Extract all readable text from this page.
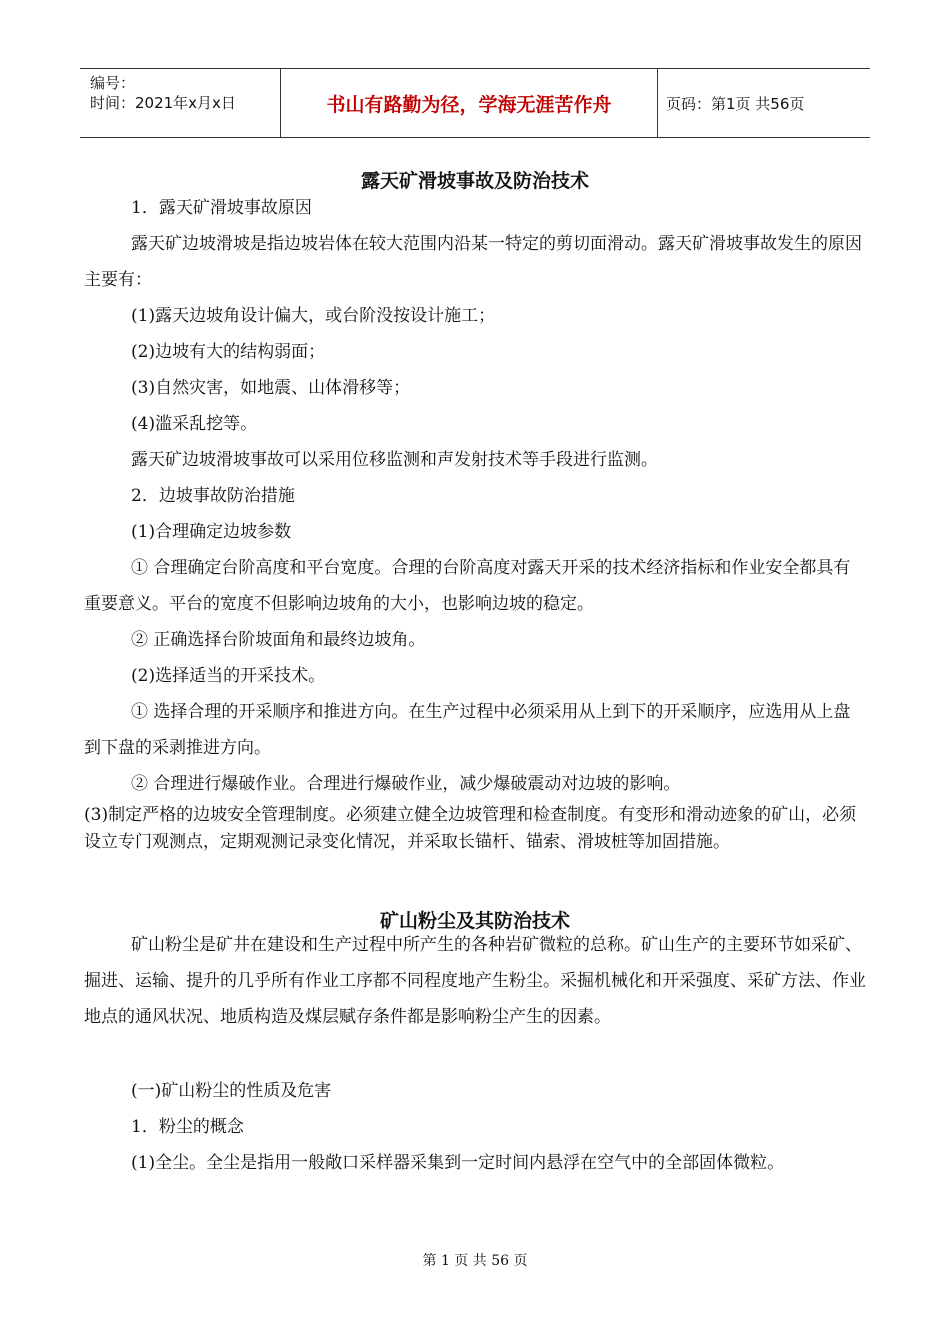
编号：
时间：2021年x月x日	书山有路勤为径，学海无涯苦作舟	页码：第1页 共56页
露天矿滑坡事故及防治技术
1．露天矿滑坡事故原因
露天矿边坡滑坡是指边坡岩体在较大范围内沿某一特定的剪切面滑动。露天矿滑坡事故发生的原因主要有：
(1)露天边坡角设计偏大，或台阶没按设计施工；
(2)边坡有大的结构弱面；
(3)自然灾害，如地震、山体滑移等；
(4)滥采乱挖等。
露天矿边坡滑坡事故可以采用位移监测和声发射技术等手段进行监测。
2．边坡事故防治措施
(1)合理确定边坡参数
① 合理确定台阶高度和平台宽度。合理的台阶高度对露天开采的技术经济指标和作业安全都具有重要意义。平台的宽度不但影响边坡角的大小，也影响边坡的稳定。
② 正确选择台阶坡面角和最终边坡角。
(2)选择适当的开采技术。
① 选择合理的开采顺序和推进方向。在生产过程中必须采用从上到下的开采顺序，应选用从上盘到下盘的采剥推进方向。
② 合理进行爆破作业。合理进行爆破作业，减少爆破震动对边坡的影响。
(3)制定严格的边坡安全管理制度。必须建立健全边坡管理和检查制度。有变形和滑动迹象的矿山，必须设立专门观测点，定期观测记录变化情况，并采取长锚杆、锚索、滑坡桩等加固措施。
矿山粉尘及其防治技术
矿山粉尘是矿井在建设和生产过程中所产生的各种岩矿微粒的总称。矿山生产的主要环节如采矿、掘进、运输、提升的几乎所有作业工序都不同程度地产生粉尘。采掘机械化和开采强度、采矿方法、作业地点的通风状况、地质构造及煤层赋存条件都是影响粉尘产生的因素。
(一)矿山粉尘的性质及危害
1．粉尘的概念
(1)全尘。全尘是指用一般敞口采样器采集到一定时间内悬浮在空气中的全部固体微粒。
第 1 页 共 56 页
